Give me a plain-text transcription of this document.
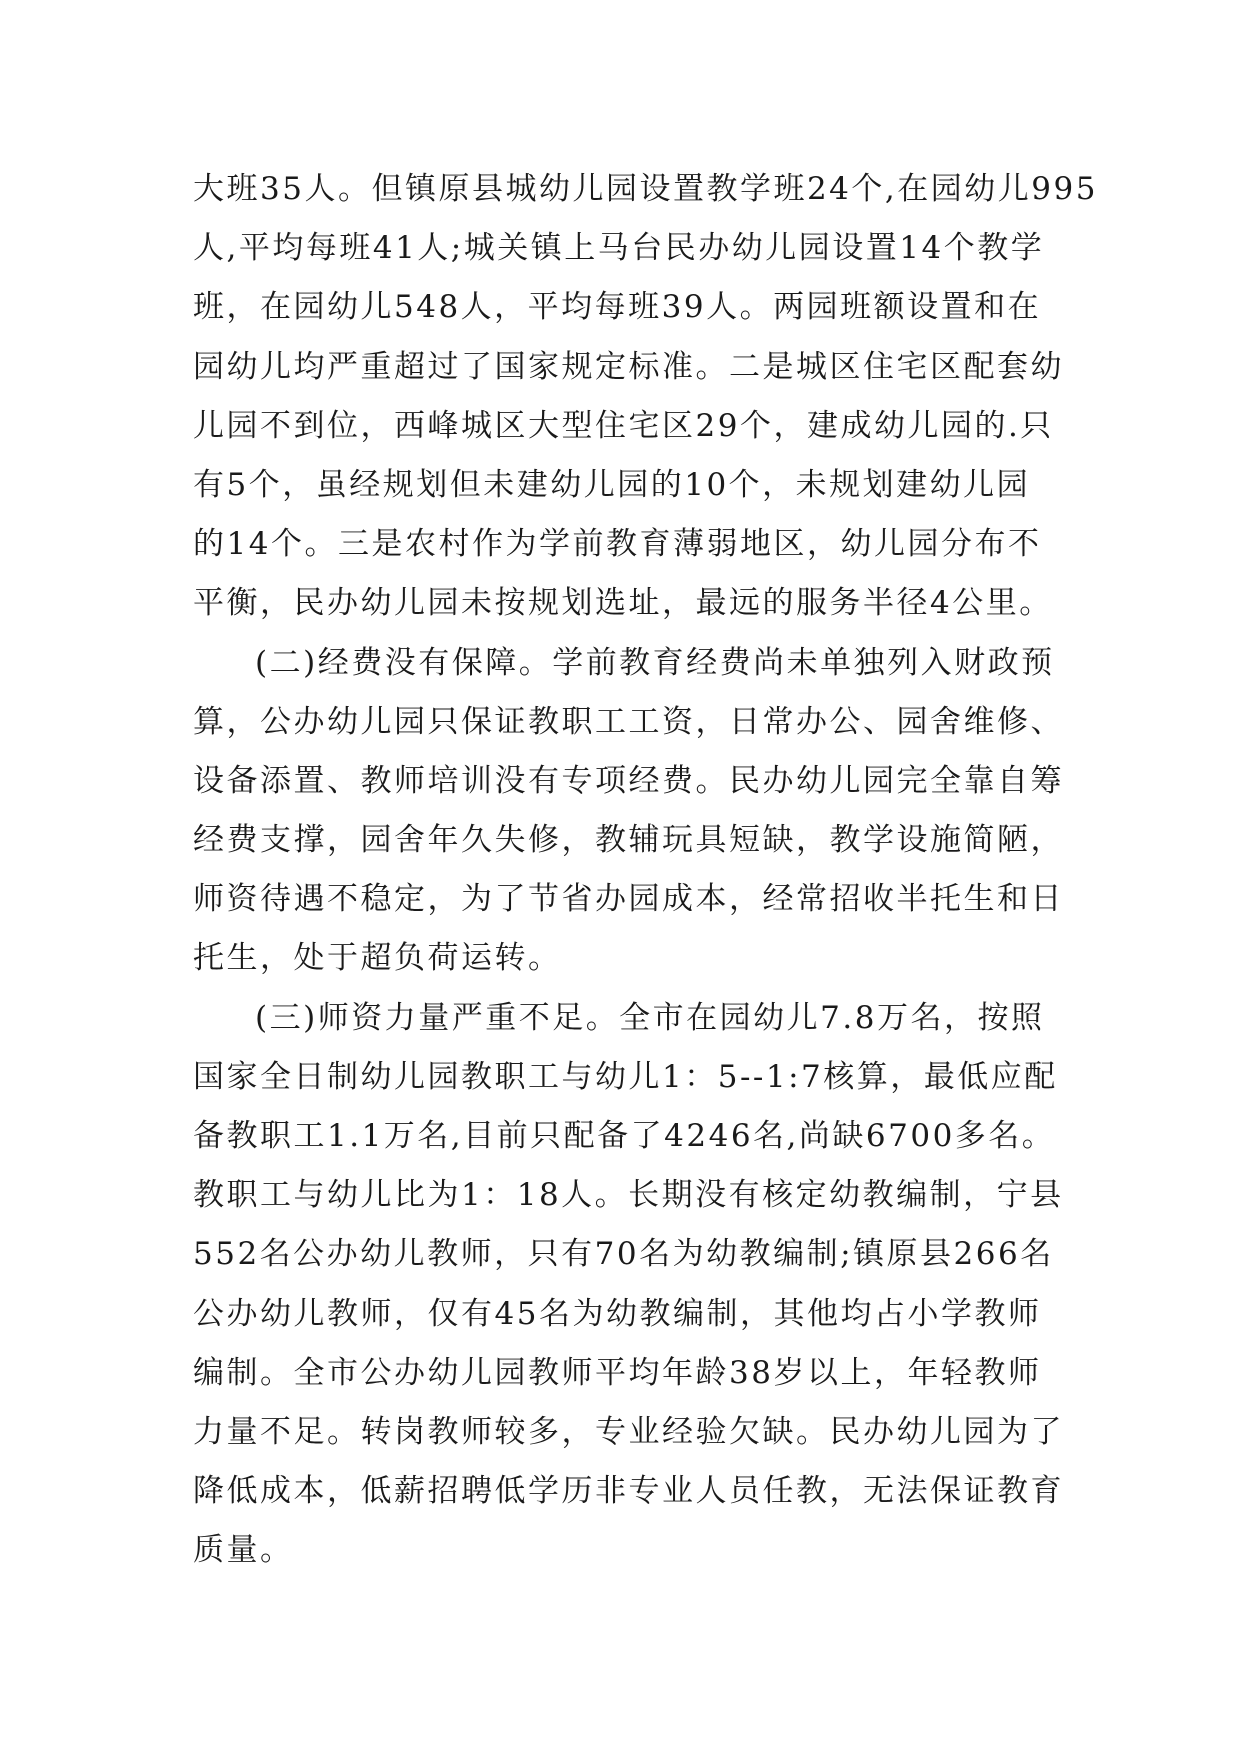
大班35人。但镇原县城幼儿园设置教学班24个,在园幼儿995
人,平均每班41人;城关镇上马台民办幼儿园设置14个教学
班，在园幼儿548人，平均每班39人。两园班额设置和在
园幼儿均严重超过了国家规定标准。二是城区住宅区配套幼
儿园不到位，西峰城区大型住宅区29个，建成幼儿园的.只
有5个，虽经规划但未建幼儿园的10个，未规划建幼儿园
的14个。三是农村作为学前教育薄弱地区，幼儿园分布不
平衡，民办幼儿园未按规划选址，最远的服务半径4公里。
(二)经费没有保障。学前教育经费尚未单独列入财政预
算，公办幼儿园只保证教职工工资，日常办公、园舍维修、
设备添置、教师培训没有专项经费。民办幼儿园完全靠自筹
经费支撑，园舍年久失修，教辅玩具短缺，教学设施简陋，
师资待遇不稳定，为了节省办园成本，经常招收半托生和日
托生，处于超负荷运转。
(三)师资力量严重不足。全市在园幼儿7.8万名，按照
国家全日制幼儿园教职工与幼儿1：5--1:7核算，最低应配
备教职工1.1万名,目前只配备了4246名,尚缺6700多名。
教职工与幼儿比为1：18人。长期没有核定幼教编制，宁县
552名公办幼儿教师，只有70名为幼教编制;镇原县266名
公办幼儿教师，仅有45名为幼教编制，其他均占小学教师
编制。全市公办幼儿园教师平均年龄38岁以上，年轻教师
力量不足。转岗教师较多，专业经验欠缺。民办幼儿园为了
降低成本，低薪招聘低学历非专业人员任教，无法保证教育
质量。
